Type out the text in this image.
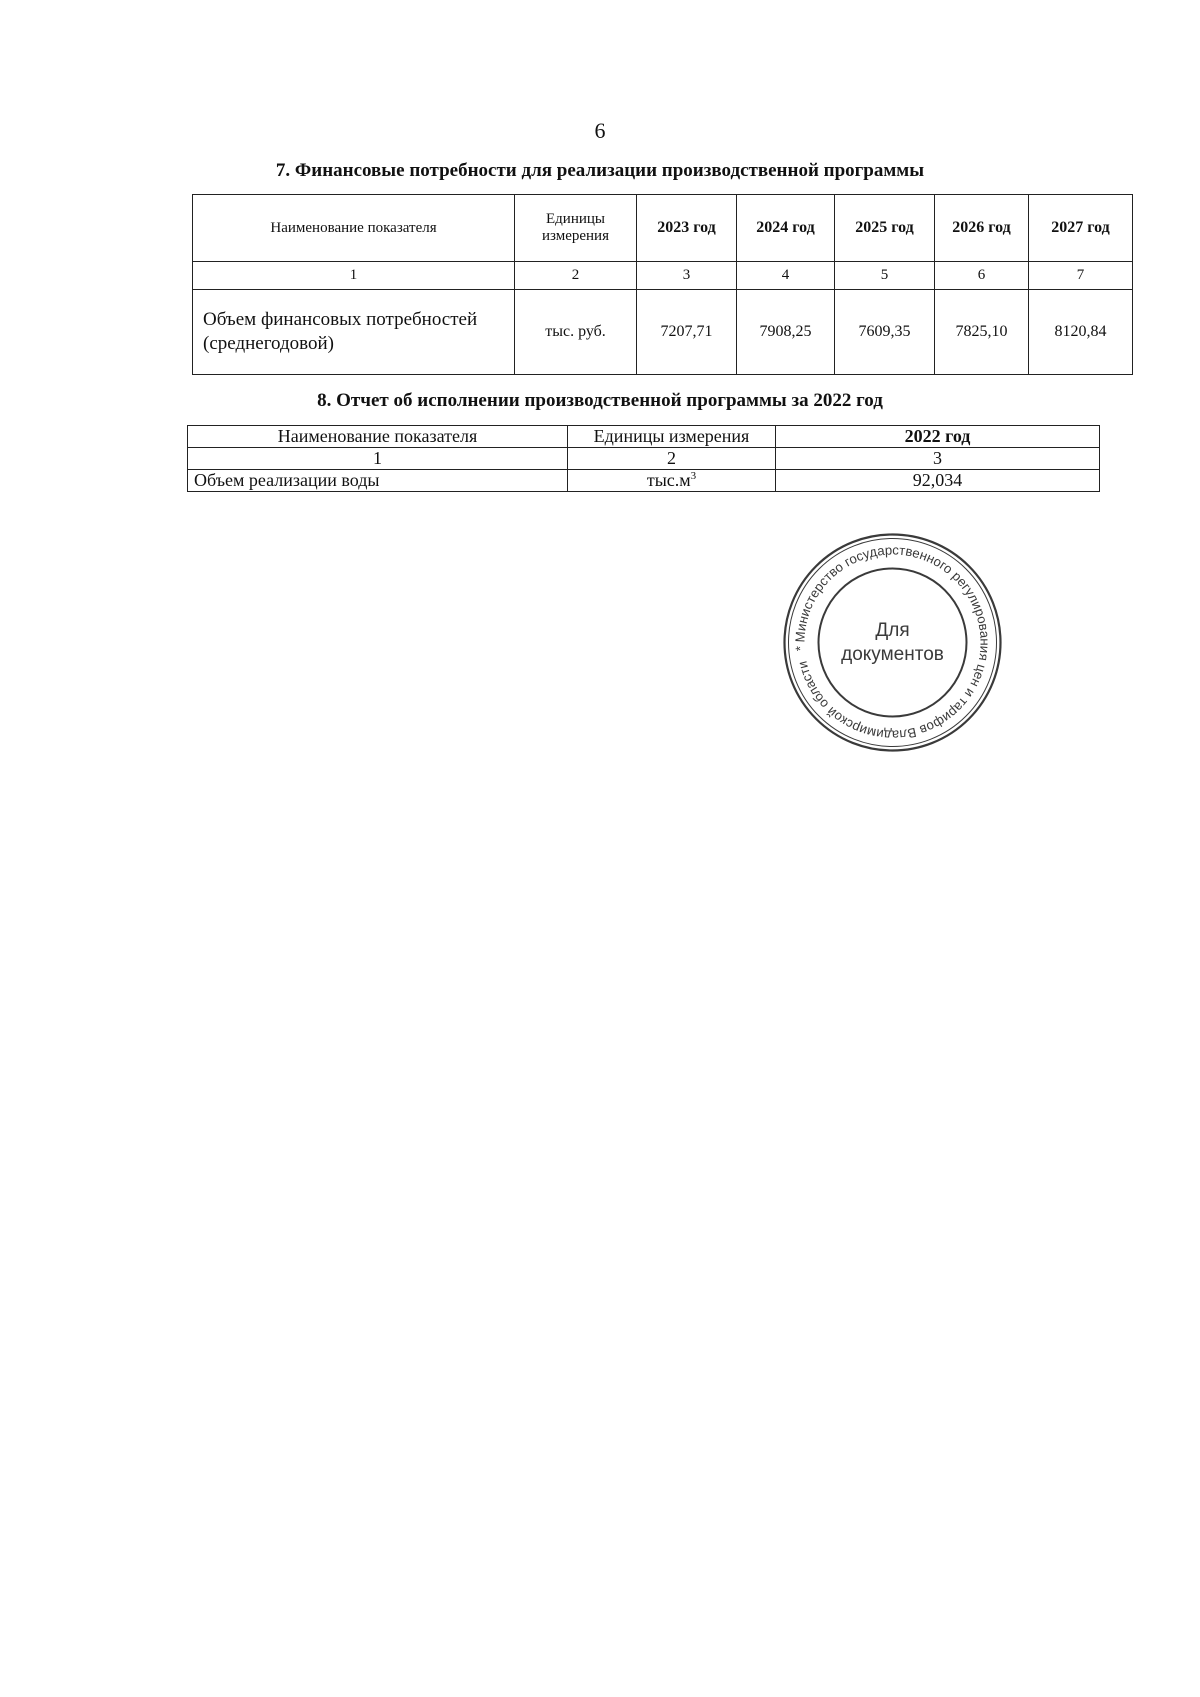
6
7. Финансовые потребности для реализации производственной программы
Наименование показателя	Единицы измерения	2023 год	2024 год	2025 год	2026 год	2027 год
1	2	3	4	5	6	7
Объем финансовых потребностей (среднегодовой)	тыс. руб.	7207,71	7908,25	7609,35	7825,10	8120,84
8. Отчет об исполнении производственной программы за 2022 год
Наименование показателя	Единицы измерения	2022 год
1	2	3
Объем реализации воды	$тыс.м^3$	92,034
Министерство государственного регулирования цен и тарифов Владимирской области *
Для
документов
